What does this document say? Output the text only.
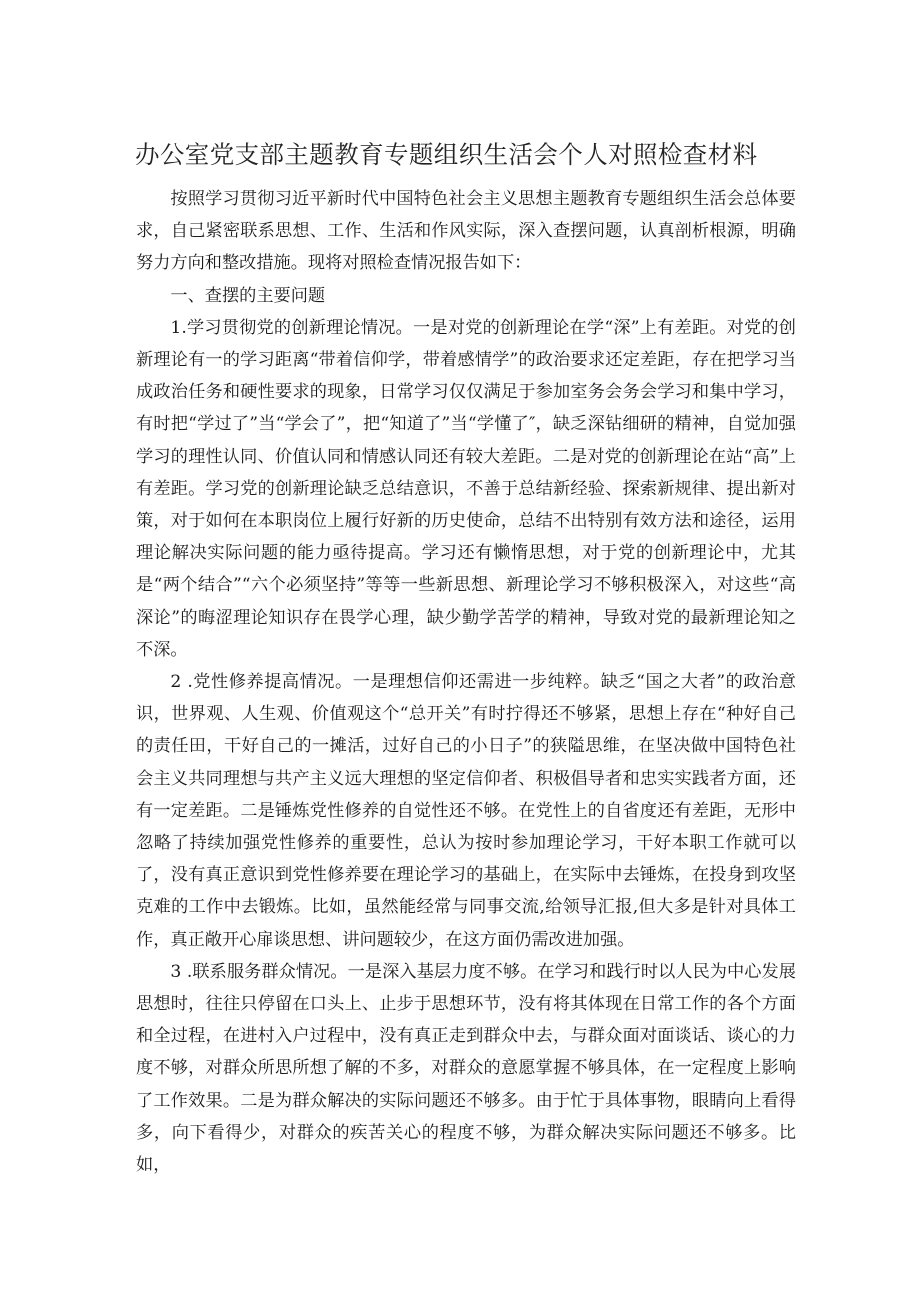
办公室党支部主题教育专题组织生活会个人对照检查材料

按照学习贯彻习近平新时代中国特色社会主义思想主题教育专题组织生活会总体要求，自己紧密联系思想、工作、生活和作风实际，深入查摆问题，认真剖析根源，明确努力方向和整改措施。现将对照检查情况报告如下：

一、查摆的主要问题

1.学习贯彻党的创新理论情况。一是对党的创新理论在学“深”上有差距。对党的创新理论有一的学习距离“带着信仰学，带着感情学”的政治要求还定差距，存在把学习当成政治任务和硬性要求的现象，日常学习仅仅满足于参加室务会务会学习和集中学习，有时把“学过了”当“学会了”，把“知道了”当“学懂了″，缺乏深钻细研的精神，自觉加强学习的理性认同、价值认同和情感认同还有较大差距。二是对党的创新理论在站“高”上有差距。学习党的创新理论缺乏总结意识，不善于总结新经验、探索新规律、提出新对策，对于如何在本职岗位上履行好新的历史使命，总结不出特别有效方法和途径，运用理论解决实际问题的能力亟待提高。学习还有懒惰思想，对于党的创新理论中，尤其是“两个结合”“六个必须坚持”等等一些新思想、新理论学习不够积极深入，对这些“高深论”的晦涩理论知识存在畏学心理，缺少勤学苦学的精神，导致对党的最新理论知之不深。

2 .党性修养提高情况。一是理想信仰还需进一步纯粹。缺乏“国之大者”的政治意识，世界观、人生观、价值观这个“总开关”有时拧得还不够紧，思想上存在“种好自己的责任田，干好自己的一摊活，过好自己的小日子”的狭隘思维，在坚决做中国特色社会主义共同理想与共产主义远大理想的坚定信仰者、积极倡导者和忠实实践者方面，还有一定差距。二是锤炼党性修养的自觉性还不够。在党性上的自省度还有差距，无形中忽略了持续加强党性修养的重要性，总认为按时参加理论学习，干好本职工作就可以了，没有真正意识到党性修养要在理论学习的基础上，在实际中去锤炼，在投身到攻坚克难的工作中去锻炼。比如，虽然能经常与同事交流,给领导汇报,但大多是针对具体工作，真正敞开心扉谈思想、讲问题较少，在这方面仍需改进加强。

3 .联系服务群众情况。一是深入基层力度不够。在学习和践行时以人民为中心发展思想时，往往只停留在口头上、止步于思想环节，没有将其体现在日常工作的各个方面和全过程，在进村入户过程中，没有真正走到群众中去，与群众面对面谈话、谈心的力度不够，对群众所思所想了解的不多，对群众的意愿掌握不够具体，在一定程度上影响了工作效果。二是为群众解决的实际问题还不够多。由于忙于具体事物，眼睛向上看得多，向下看得少，对群众的疾苦关心的程度不够，为群众解决实际问题还不够多。比如，
